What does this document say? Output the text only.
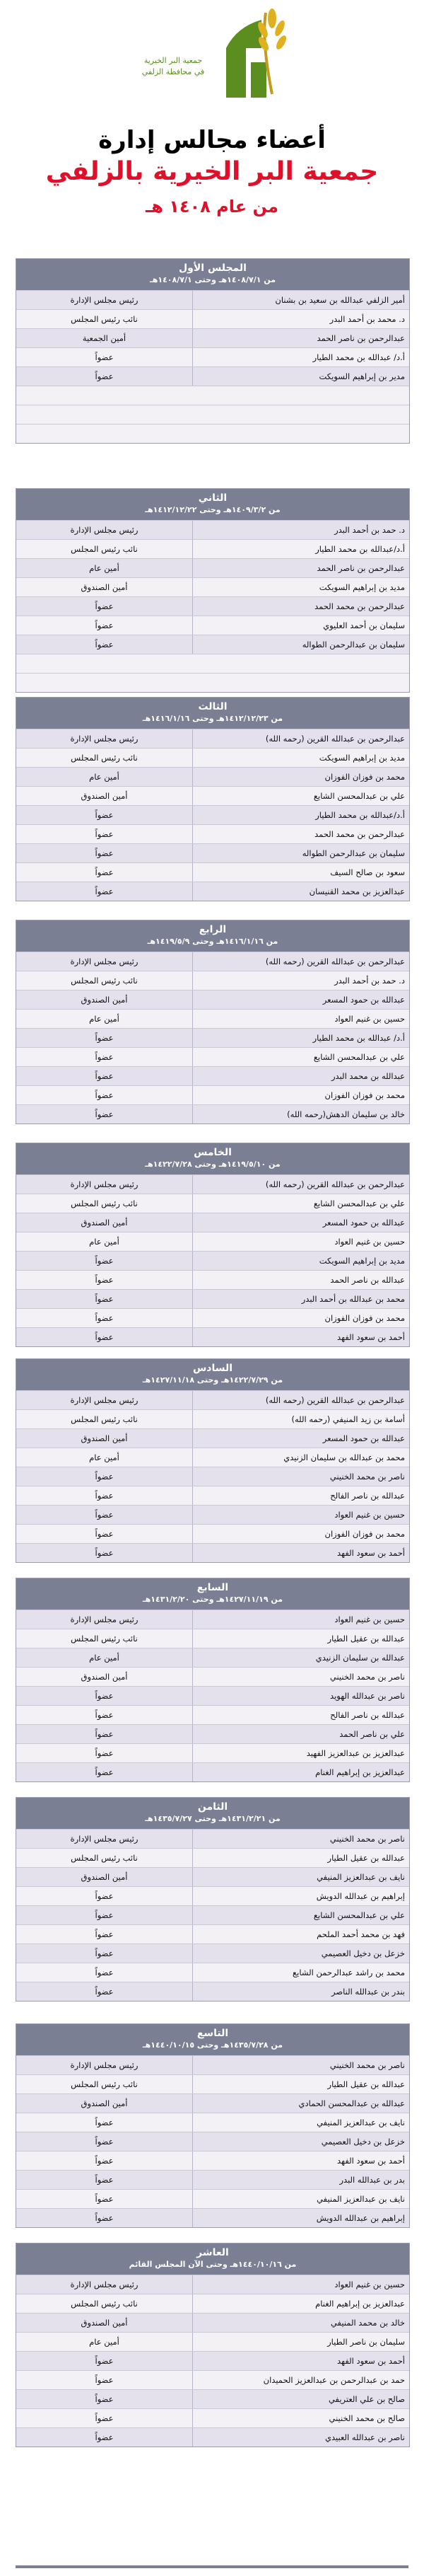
جمعية البر الخيرية
في محافظة الزلفي
أعضاء مجالس إدارة
جمعية البر الخيرية بالزلفي
من عام ١٤٠٨ هـ
المجلس الأول
من ١٤٠٨/٧/١هـ وحتى ١٤٠٨/٧/١هـ
أمير الزلفي عبدالله بن سعيد بن بشنان
رئيس مجلس الإدارة
د. محمد بن أحمد البدر
نائب رئيس المجلس
عبدالرحمن بن ناصر الحمد
أمين الجمعية
أ.د/ عبدالله بن محمد الطيار
عضواً
مدير بن إبراهيم السويكت
عضواً
الثاني
من ١٤٠٩/٣/٢هـ وحتى ١٤١٢/١٢/٢٢هـ
د. حمد بن أحمد البدر
رئيس مجلس الإدارة
أ.د/عبدالله بن محمد الطيار
نائب رئيس المجلس
عبدالرحمن بن ناصر الحمد
أمين عام
مديد بن إبراهيم السويكت
أمين الصندوق
عبدالرحمن بن محمد الحمد
عضواً
سليمان بن أحمد العليوي
عضواً
سليمان بن عبدالرحمن الطواله
عضواً
الثالث
من ١٤١٢/١٢/٢٣هـ وحتى ١٤١٦/١/١٦هـ
عبدالرحمن بن عبدالله القرين (رحمه الله)
رئيس مجلس الإدارة
مديد بن إبراهيم السويكت
نائب رئيس المجلس
محمد بن فوزان الفوزان
أمين عام
علي بن عبدالمحسن الشايع
أمين الصندوق
أ.د/عبدالله بن محمد الطيار
عضواً
عبدالرحمن بن محمد الحمد
عضواً
سليمان بن عبدالرحمن الطواله
عضواً
سعود بن صالح السيف
عضواً
عبدالعزيز بن محمد القنيسان
عضواً
الرابع
من ١٤١٦/١/١٦هـ وحتى ١٤١٩/٥/٩هـ
عبدالرحمن بن عبدالله القرين (رحمه الله)
رئيس مجلس الإدارة
د. حمد بن أحمد البدر
نائب رئيس المجلس
عبدالله بن حمود المسعر
أمين الصندوق
حسين بن غنيم العواد
أمين عام
أ.د/ عبدالله بن محمد الطيار
عضواً
علي بن عبدالمحسن الشايع
عضواً
عبدالله بن محمد البدر
عضواً
محمد بن فوزان الفوزان
عضواً
خالد بن سليمان الدهش(رحمه الله)
عضواً
الخامس
من ١٤١٩/٥/١٠هـ وحتى ١٤٢٢/٧/٢٨هـ
عبدالرحمن بن عبدالله القرين (رحمه الله)
رئيس مجلس الإدارة
علي بن عبدالمحسن الشايع
نائب رئيس المجلس
عبدالله بن حمود المسعر
أمين الصندوق
حسين بن غنيم العواد
أمين عام
مديد بن إبراهيم السويكت
عضواً
عبدالله بن ناصر الحمد
عضواً
محمد بن عبدالله بن أحمد البدر
عضواً
محمد بن فوزان الفوزان
عضواً
أحمد بن سعود الفهد
عضواً
السادس
من ١٤٢٢/٧/٢٩هـ وحتى ١٤٢٧/١١/١٨هـ
عبدالرحمن بن عبدالله القرين (رحمه الله)
رئيس مجلس الإدارة
أسامة بن زيد المنيفي (رحمه الله)
نائب رئيس المجلس
عبدالله بن حمود المسعر
أمين الصندوق
محمد بن عبدالله بن سليمان الزنيدي
أمين عام
ناصر بن محمد الخنيني
عضواً
عبدالله بن ناصر الفالح
عضواً
حسين بن غنيم العواد
عضواً
محمد بن فوزان الفوزان
عضواً
أحمد بن سعود الفهد
عضواً
السابع
من ١٤٢٧/١١/١٩هـ وحتى ١٤٣١/٢/٢٠هـ
حسين بن غنيم العواد
رئيس مجلس الإدارة
عبدالله بن عقيل الطيار
نائب رئيس المجلس
عبدالله بن سليمان الزنيدي
أمين عام
ناصر بن محمد الخنيني
أمين الصندوق
ناصر بن عبدالله الهويد
عضواً
عبدالله بن ناصر الفالح
عضواً
علي بن ناصر الحمد
عضواً
عبدالعزيز بن عبدالعزيز الفهيد
عضواً
عبدالعزيز بن إبراهيم الغنام
عضواً
الثامن
من ١٤٣١/٢/٢١هـ وحتى ١٤٣٥/٧/٢٧هـ
ناصر بن محمد الخنيني
رئيس مجلس الإدارة
عبدالله بن عقيل الطيار
نائب رئيس المجلس
نايف بن عبدالعزيز المنيفي
أمين الصندوق
إبراهيم بن عبدالله الدويش
عضواً
علي بن عبدالمحسن الشايع
عضواً
فهد بن محمد أحمد الملحم
عضواً
خزعل بن دخيل العصيمي
عضواً
محمد بن راشد عبدالرحمن الشايع
عضواً
بندر بن عبدالله الناصر
عضواً
التاسع
من ١٤٣٥/٧/٢٨هـ وحتى ١٤٤٠/١٠/١٥هـ
ناصر بن محمد الخنيني
رئيس مجلس الإدارة
عبدالله بن عقيل الطيار
نائب رئيس المجلس
عبدالله بن عبدالمحسن الحمادي
أمين الصندوق
نايف بن عبدالعزيز المنيفي
عضواً
خزعل بن دخيل العصيمي
عضواً
أحمد بن سعود الفهد
عضواً
بدر بن عبدالله البدر
عضواً
نايف بن عبدالعزيز المنيفي
عضواً
إبراهيم بن عبدالله الدويش
عضواً
العاشر
من ١٤٤٠/١٠/١٦هـ وحتى الآن المجلس القائم
حسين بن غنيم العواد
رئيس مجلس الإدارة
عبدالعزيز بن إبراهيم الغنام
نائب رئيس المجلس
خالد بن محمد المنيفي
أمين الصندوق
سليمان بن ناصر الطيار
أمين عام
أحمد بن سعود الفهد
عضواً
حمد بن عبدالرحمن بن عبدالعزيز الحميدان
عضواً
صالح بن علي العتريفي
عضواً
صالح بن محمد الخنيني
عضواً
ناصر بن عبدالله العبيدي
عضواً
